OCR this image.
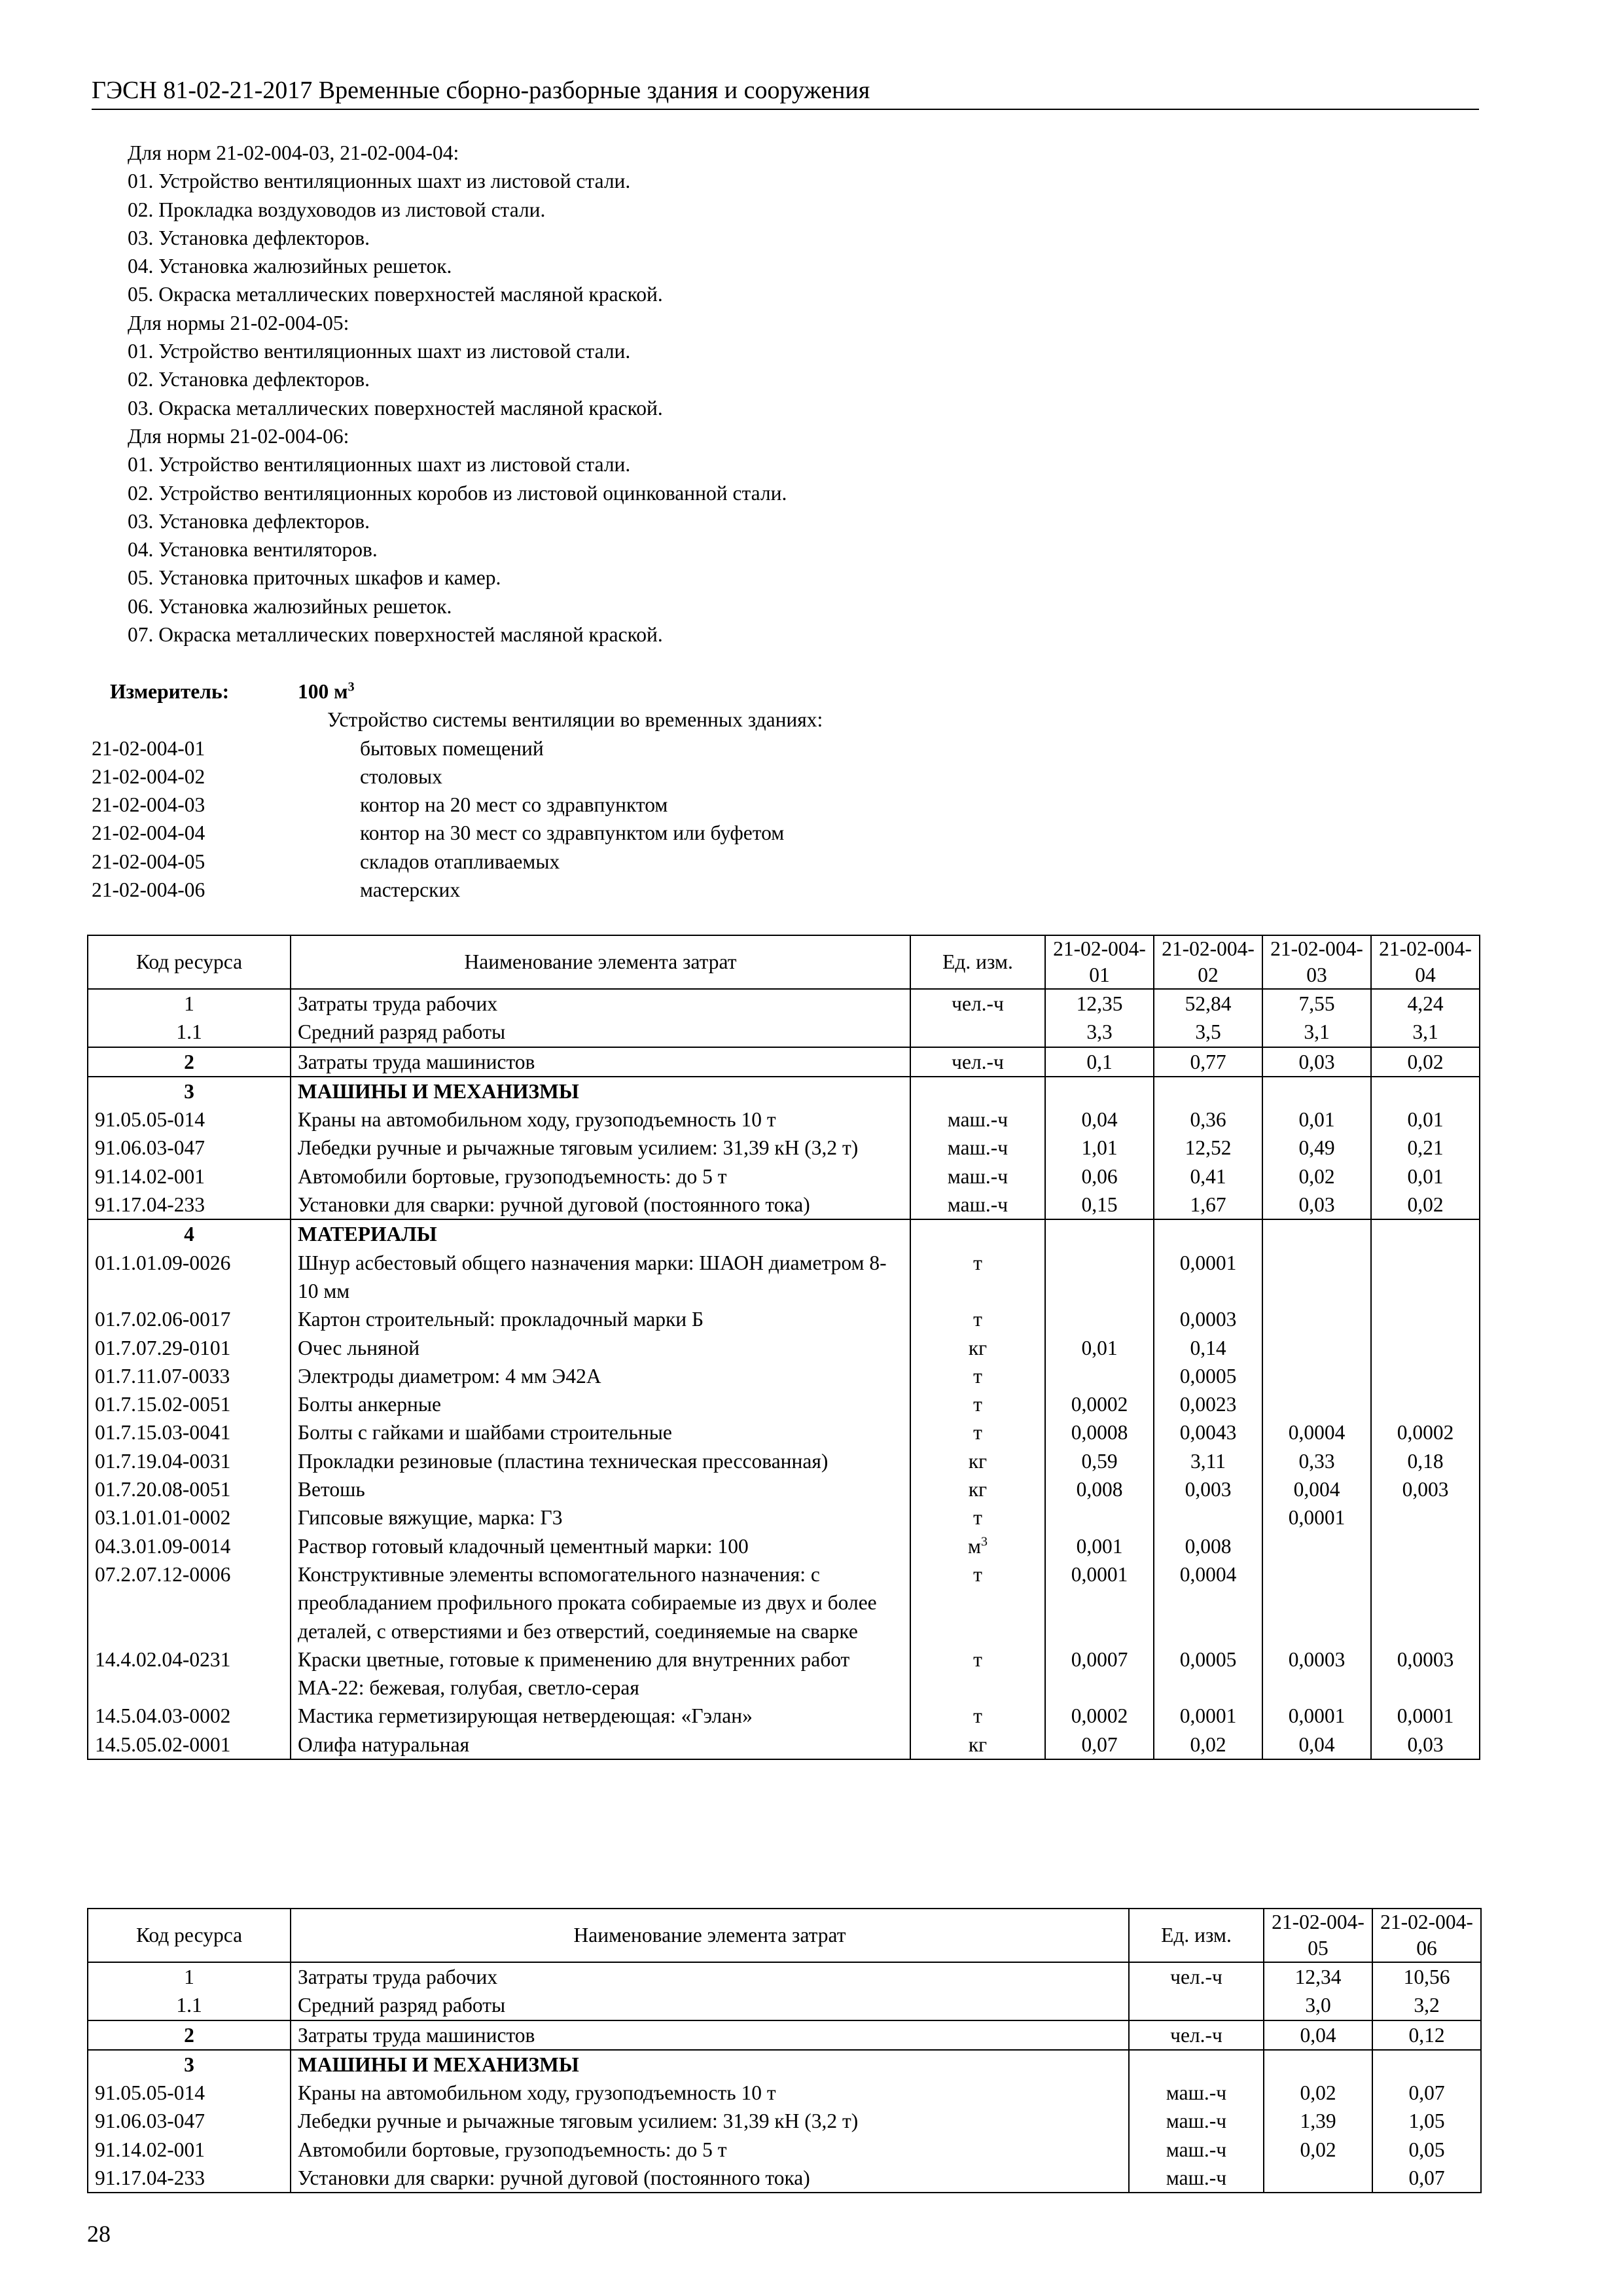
ГЭСН 81-02-21-2017 Временные сборно-разборные здания и сооружения
Для норм 21-02-004-03, 21-02-004-04:
01. Устройство вентиляционных шахт из листовой стали.
02. Прокладка воздуховодов из листовой стали.
03. Установка дефлекторов.
04. Установка жалюзийных решеток.
05. Окраска металлических поверхностей масляной краской.
Для нормы 21-02-004-05:
01. Устройство вентиляционных шахт из листовой стали.
02. Установка дефлекторов.
03. Окраска металлических поверхностей масляной краской.
Для нормы 21-02-004-06:
01. Устройство вентиляционных шахт из листовой стали.
02. Устройство вентиляционных коробов из листовой оцинкованной стали.
03. Установка дефлекторов.
04. Установка вентиляторов.
05. Установка приточных шкафов и камер.
06. Установка жалюзийных решеток.
07. Окраска металлических поверхностей масляной краской.
Измеритель:	100 $м^3$
Устройство системы вентиляции во временных зданиях:
21-02-004-01	бытовых помещений
21-02-004-02	столовых
21-02-004-03	контор на 20 мест со здравпунктом
21-02-004-04	контор на 30 мест со здравпунктом или буфетом
21-02-004-05	складов отапливаемых
21-02-004-06	мастерских
Код ресурса	Наименование элемента затрат	Ед. изм.	21-02-004-01	21-02-004-02	21-02-004-03	21-02-004-04
1	Затраты труда рабочих	чел.-ч	12,35	52,84	7,55	4,24
1.1	Средний разряд работы		3,3	3,5	3,1	3,1
2	Затраты труда машинистов	чел.-ч	0,1	0,77	0,03	0,02
3	МАШИНЫ И МЕХАНИЗМЫ					
91.05.05-014	Краны на автомобильном ходу, грузоподъемность 10 т	маш.-ч	0,04	0,36	0,01	0,01
91.06.03-047	Лебедки ручные и рычажные тяговым усилием: 31,39 кН (3,2 т)	маш.-ч	1,01	12,52	0,49	0,21
91.14.02-001	Автомобили бортовые, грузоподъемность: до 5 т	маш.-ч	0,06	0,41	0,02	0,01
91.17.04-233	Установки для сварки: ручной дуговой (постоянного тока)	маш.-ч	0,15	1,67	0,03	0,02
4	МАТЕРИАЛЫ					
01.1.01.09-0026	Шнур асбестовый общего назначения марки: ШАОН диаметром 8-10 мм	т		0,0001		
01.7.02.06-0017	Картон строительный: прокладочный марки Б	т		0,0003		
01.7.07.29-0101	Очес льняной	кг	0,01	0,14		
01.7.11.07-0033	Электроды диаметром: 4 мм Э42А	т		0,0005		
01.7.15.02-0051	Болты анкерные	т	0,0002	0,0023		
01.7.15.03-0041	Болты с гайками и шайбами строительные	т	0,0008	0,0043	0,0004	0,0002
01.7.19.04-0031	Прокладки резиновые (пластина техническая прессованная)	кг	0,59	3,11	0,33	0,18
01.7.20.08-0051	Ветошь	кг	0,008	0,003	0,004	0,003
03.1.01.01-0002	Гипсовые вяжущие, марка: Г3	т			0,0001	
04.3.01.09-0014	Раствор готовый кладочный цементный марки: 100	$м^3$	0,001	0,008		
07.2.07.12-0006	Конструктивные элементы вспомогательного назначения: с преобладанием профильного проката собираемые из двух и более деталей, с отверстиями и без отверстий, соединяемые на сварке	т	0,0001	0,0004		
14.4.02.04-0231	Краски цветные, готовые к применению для внутренних работ МА-22: бежевая, голубая, светло-серая	т	0,0007	0,0005	0,0003	0,0003
14.5.04.03-0002	Мастика герметизирующая нетвердеющая: «Гэлан»	т	0,0002	0,0001	0,0001	0,0001
14.5.05.02-0001	Олифа натуральная	кг	0,07	0,02	0,04	0,03
Код ресурса	Наименование элемента затрат	Ед. изм.	21-02-004-05	21-02-004-06
1	Затраты труда рабочих	чел.-ч	12,34	10,56
1.1	Средний разряд работы		3,0	3,2
2	Затраты труда машинистов	чел.-ч	0,04	0,12
3	МАШИНЫ И МЕХАНИЗМЫ			
91.05.05-014	Краны на автомобильном ходу, грузоподъемность 10 т	маш.-ч	0,02	0,07
91.06.03-047	Лебедки ручные и рычажные тяговым усилием: 31,39 кН (3,2 т)	маш.-ч	1,39	1,05
91.14.02-001	Автомобили бортовые, грузоподъемность: до 5 т	маш.-ч	0,02	0,05
91.17.04-233	Установки для сварки: ручной дуговой (постоянного тока)	маш.-ч		0,07
28
